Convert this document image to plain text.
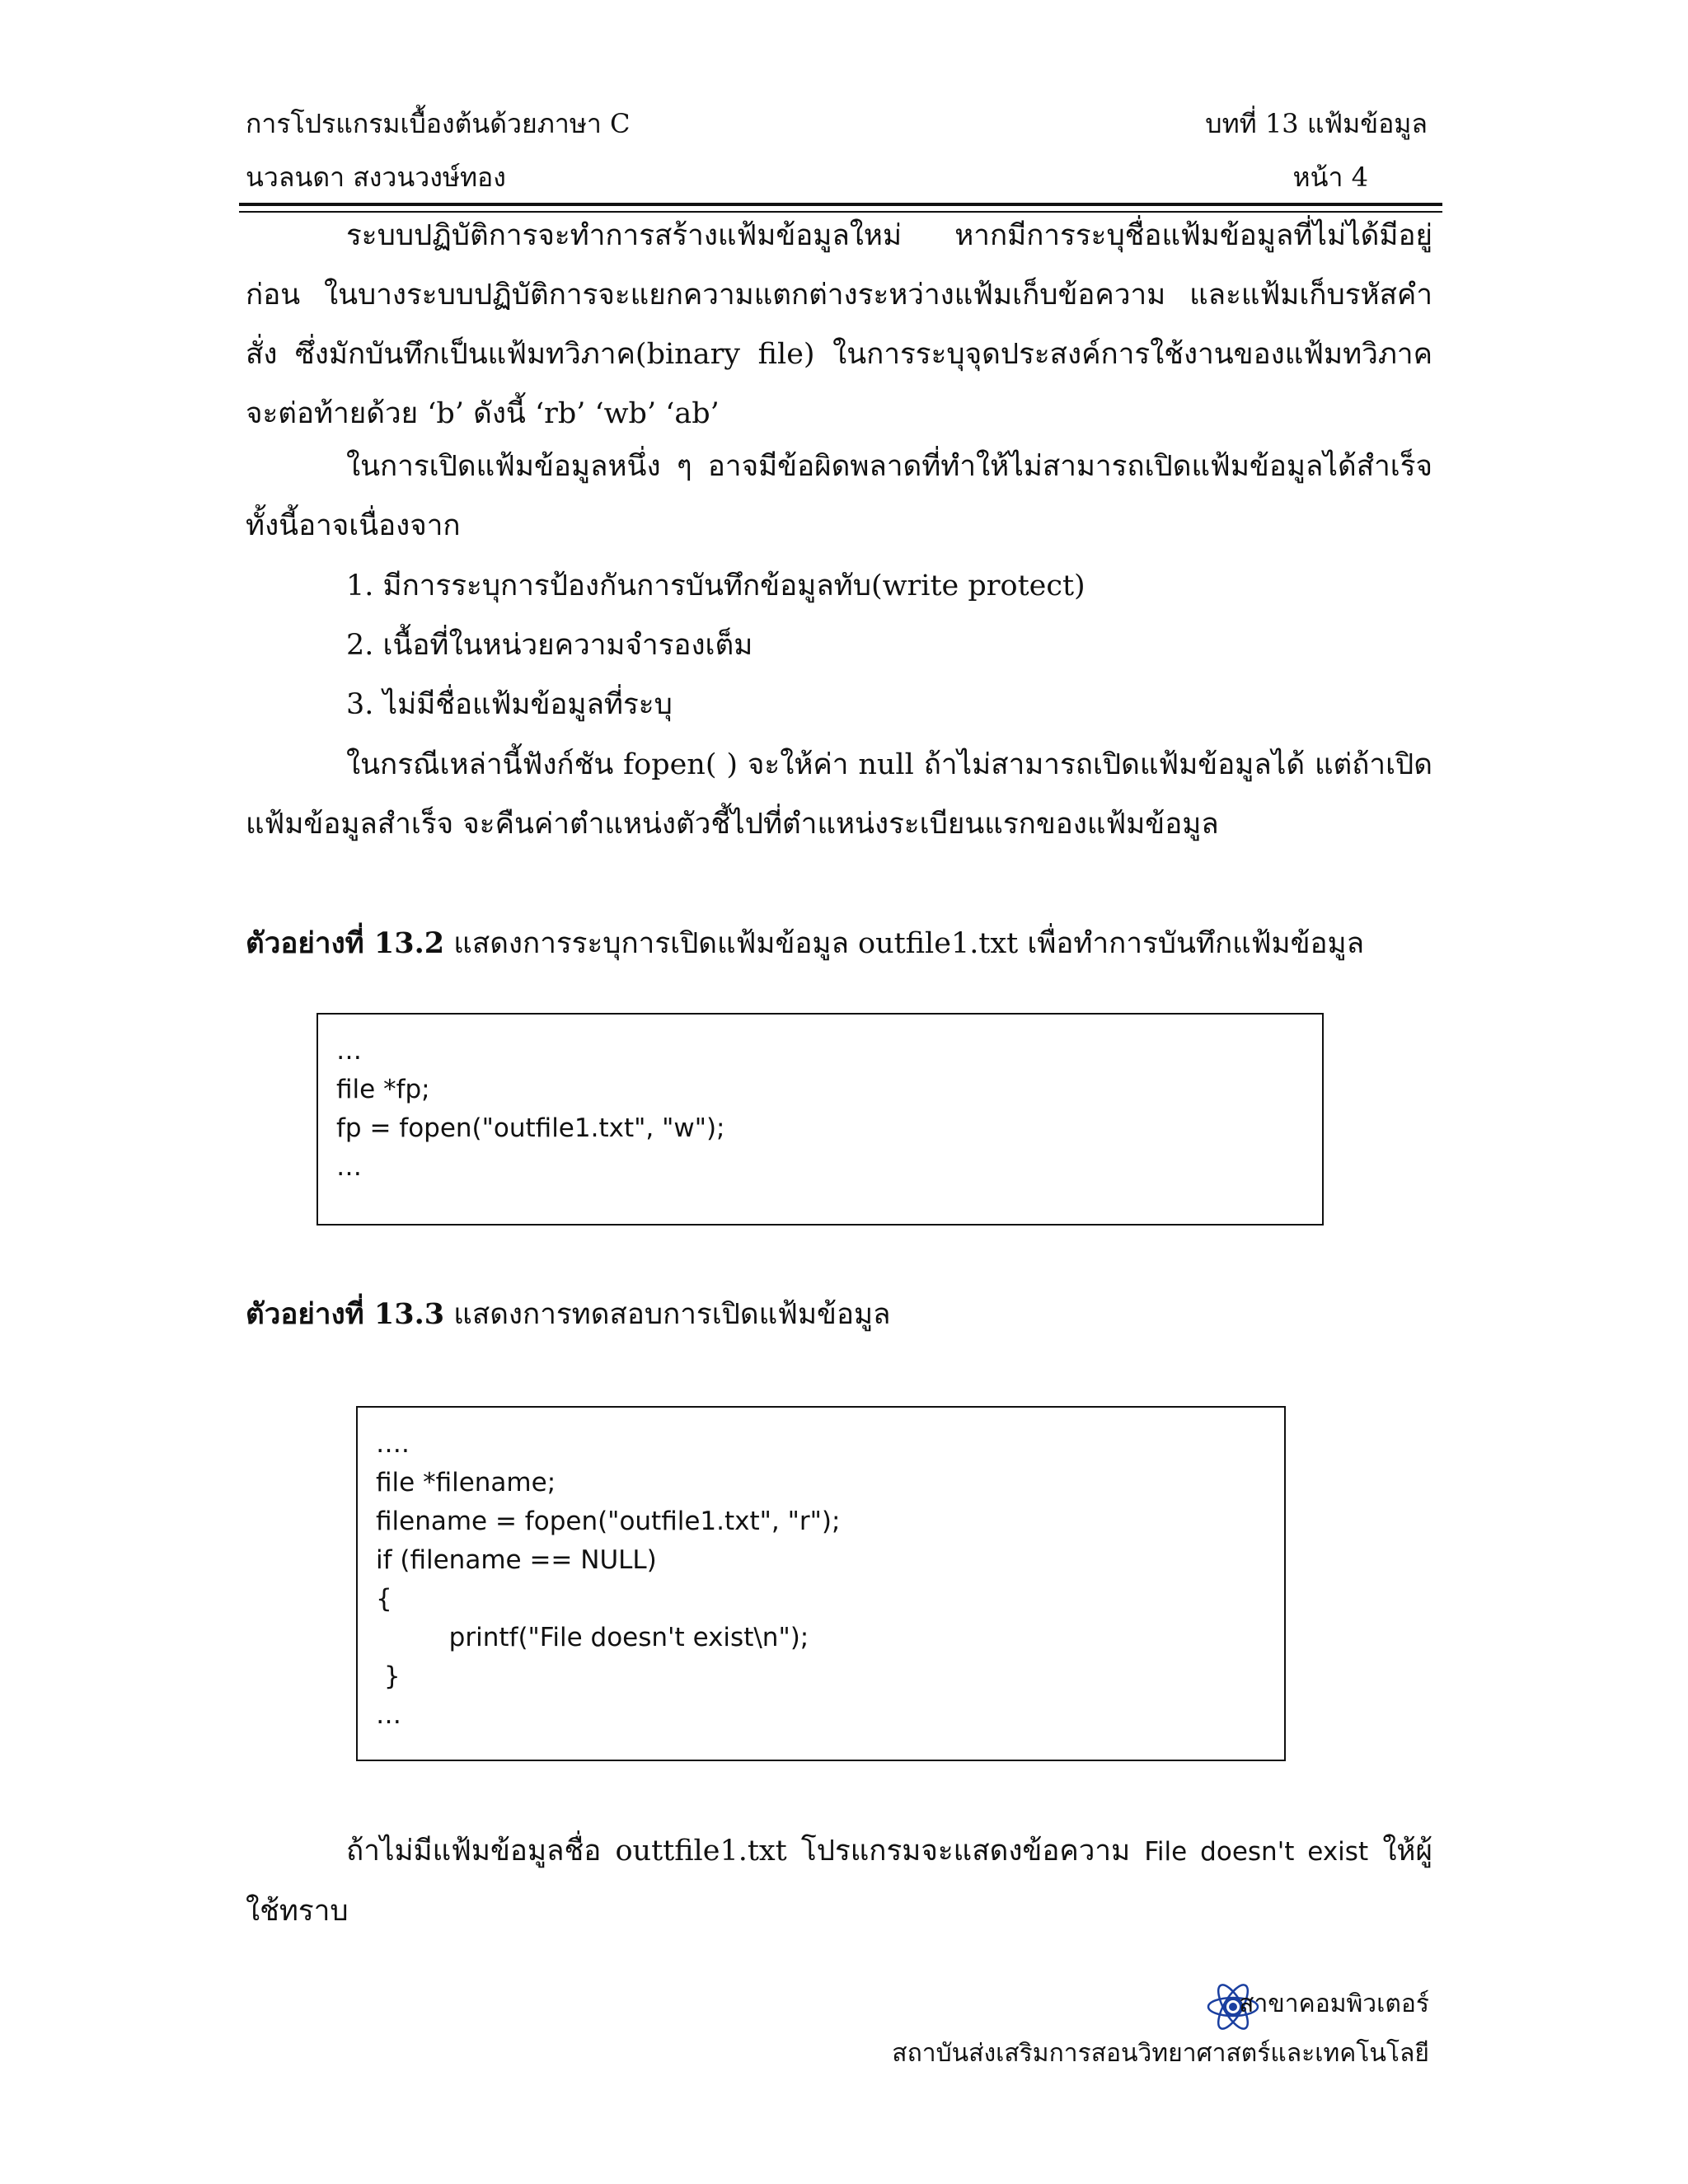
การโปรแกรมเบื้องต้นด้วยภาษา C
นวลนดา สงวนวงษ์ทอง
บทที่ 13 แฟ้มข้อมูล
หน้า 4
ระบบปฏิบัติการจะทำการสร้างแฟ้มข้อมูลใหม่ หากมีการระบุชื่อแฟ้มข้อมูลที่ไม่ได้มีอยู่ก่อน ในบางระบบปฏิบัติการจะแยกความแตกต่างระหว่างแฟ้มเก็บข้อความ และแฟ้มเก็บรหัสคำสั่ง ซึ่งมักบันทึกเป็นแฟ้มทวิภาค(binary file) ในการระบุจุดประสงค์การใช้งานของแฟ้มทวิภาคจะต่อท้ายด้วย ‘b’ ดังนี้ ‘rb’ ‘wb’ ‘ab’
ในการเปิดแฟ้มข้อมูลหนึ่ง ๆ อาจมีข้อผิดพลาดที่ทำให้ไม่สามารถเปิดแฟ้มข้อมูลได้สำเร็จ ทั้งนี้อาจเนื่องจาก
1. มีการระบุการป้องกันการบันทึกข้อมูลทับ(write protect)
2. เนื้อที่ในหน่วยความจำรองเต็ม
3. ไม่มีชื่อแฟ้มข้อมูลที่ระบุ
ในกรณีเหล่านี้ฟังก์ชัน fopen( ) จะให้ค่า null ถ้าไม่สามารถเปิดแฟ้มข้อมูลได้ แต่ถ้าเปิดแฟ้มข้อมูลสำเร็จ จะคืนค่าตำแหน่งตัวชี้ไปที่ตำแหน่งระเบียนแรกของแฟ้มข้อมูล
ตัวอย่างที่ 13.2 แสดงการระบุการเปิดแฟ้มข้อมูล outfile1.txt เพื่อทำการบันทึกแฟ้มข้อมูล
…
file *fp;
fp = fopen("outfile1.txt", "w");
…
ตัวอย่างที่ 13.3 แสดงการทดสอบการเปิดแฟ้มข้อมูล
….
file *filename;
filename = fopen("outfile1.txt", "r");
if (filename == NULL)
{
printf("File doesn't exist\n");
}
…
ถ้าไม่มีแฟ้มข้อมูลชื่อ outtfile1.txt โปรแกรมจะแสดงข้อความ File doesn't exist ให้ผู้ใช้ทราบ
สาขาคอมพิวเตอร์
สถาบันส่งเสริมการสอนวิทยาศาสตร์และเทคโนโลยี
